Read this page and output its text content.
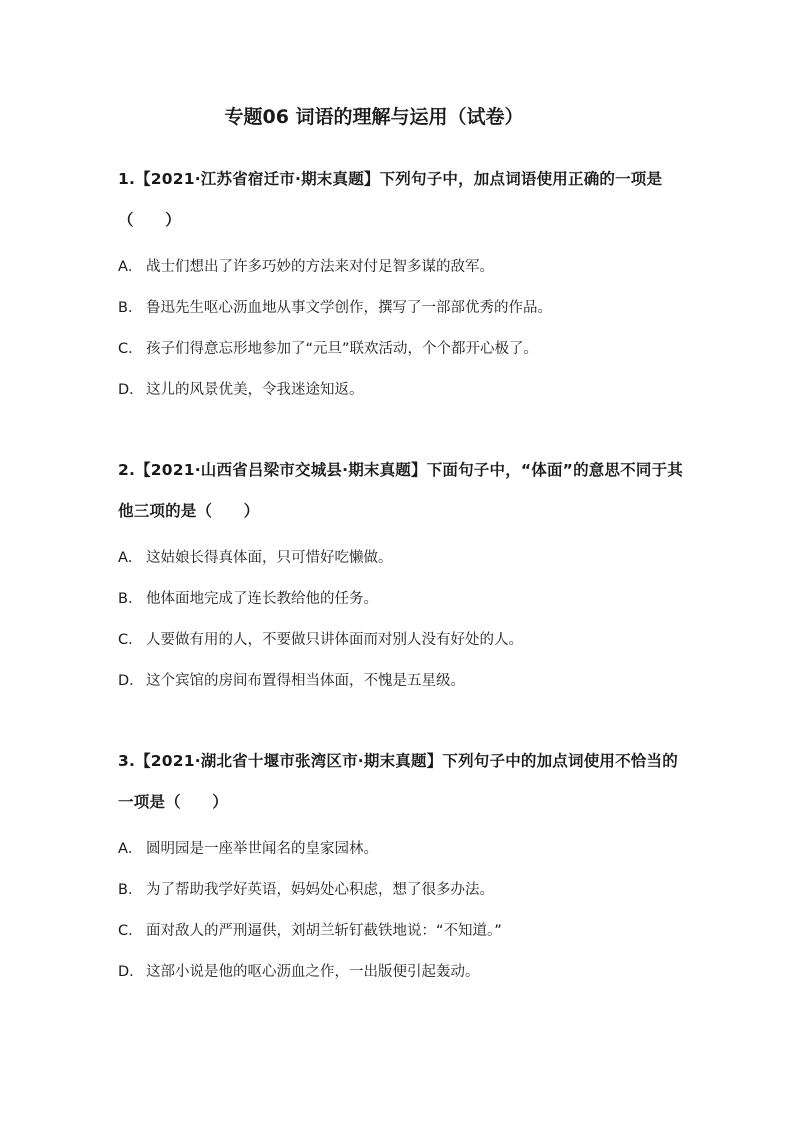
专题06 词语的理解与运用（试卷）

1.【2021·江苏省宿迁市·期末真题】下列句子中，加点词语使用正确的一项是（　　）

A． 战士们想出了许多巧妙的方法来对付足智多谋的敌军。
B． 鲁迅先生呕心沥血地从事文学创作，撰写了一部部优秀的作品。
C． 孩子们得意忘形地参加了“元旦”联欢活动，个个都开心极了。
D． 这儿的风景优美，令我迷途知返。

2.【2021·山西省吕梁市交城县·期末真题】下面句子中，“体面”的意思不同于其他三项的是（　　）

A． 这姑娘长得真体面，只可惜好吃懒做。
B． 他体面地完成了连长教给他的任务。
C． 人要做有用的人，不要做只讲体面而对别人没有好处的人。
D． 这个宾馆的房间布置得相当体面，不愧是五星级。

3.【2021·湖北省十堰市张湾区市·期末真题】下列句子中的加点词使用不恰当的一项是（　　）

A． 圆明园是一座举世闻名的皇家园林。
B． 为了帮助我学好英语，妈妈处心积虑，想了很多办法。
C． 面对敌人的严刑逼供，刘胡兰斩钉截铁地说：“不知道。”
D． 这部小说是他的呕心沥血之作，一出版便引起轰动。
